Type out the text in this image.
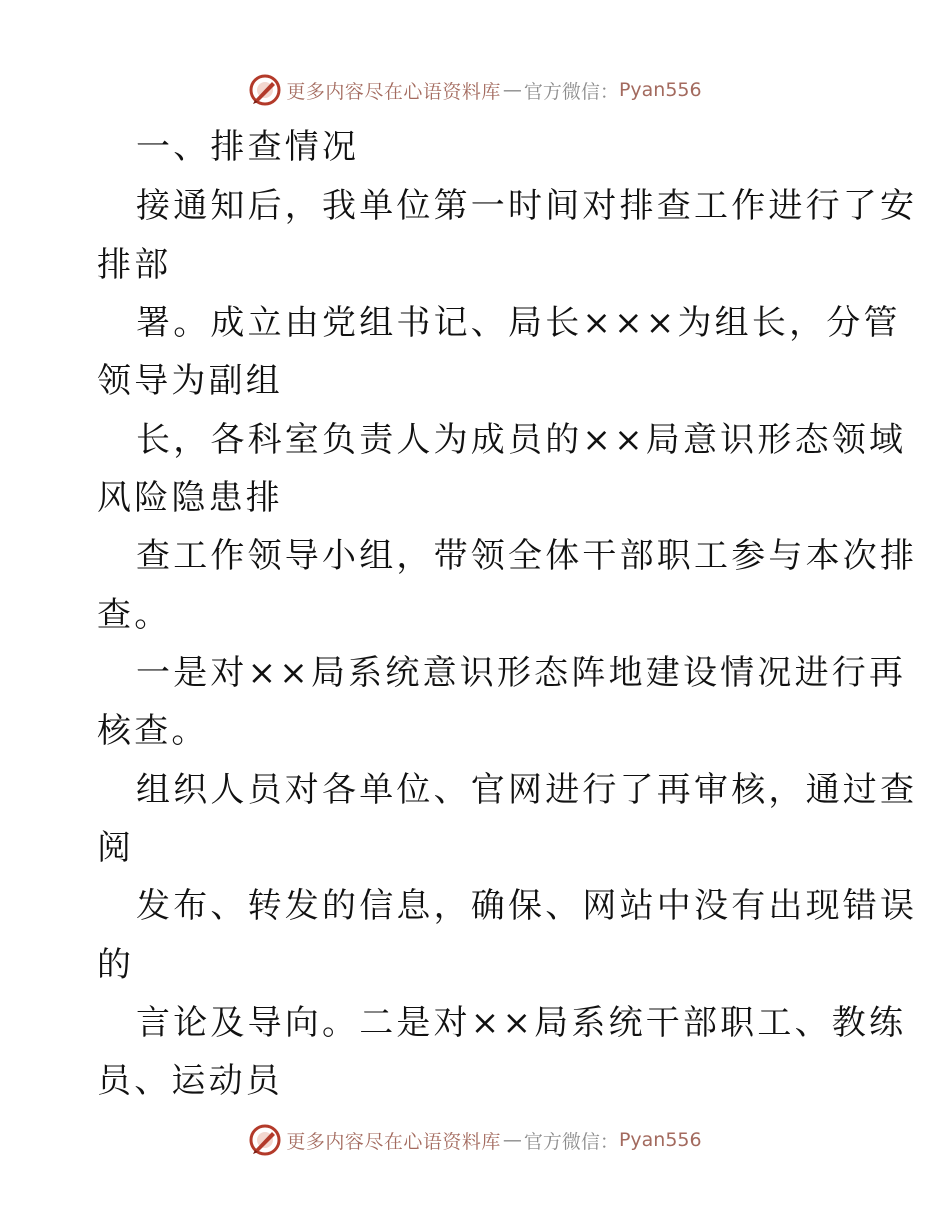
更多内容尽在心语资料库 — 官方微信： Pyan556
一、排查情况
接通知后，我单位第一时间对排查工作进行了安
排部
署。成立由党组书记、局长×××为组长，分管
领导为副组
长，各科室负责人为成员的××局意识形态领域
风险隐患排
查工作领导小组，带领全体干部职工参与本次排
查。
一是对××局系统意识形态阵地建设情况进行再
核查。
组织人员对各单位、官网进行了再审核，通过查
阅
发布、转发的信息，确保、网站中没有出现错误
的
言论及导向。二是对××局系统干部职工、教练
员、运动员
更多内容尽在心语资料库 — 官方微信： Pyan556
